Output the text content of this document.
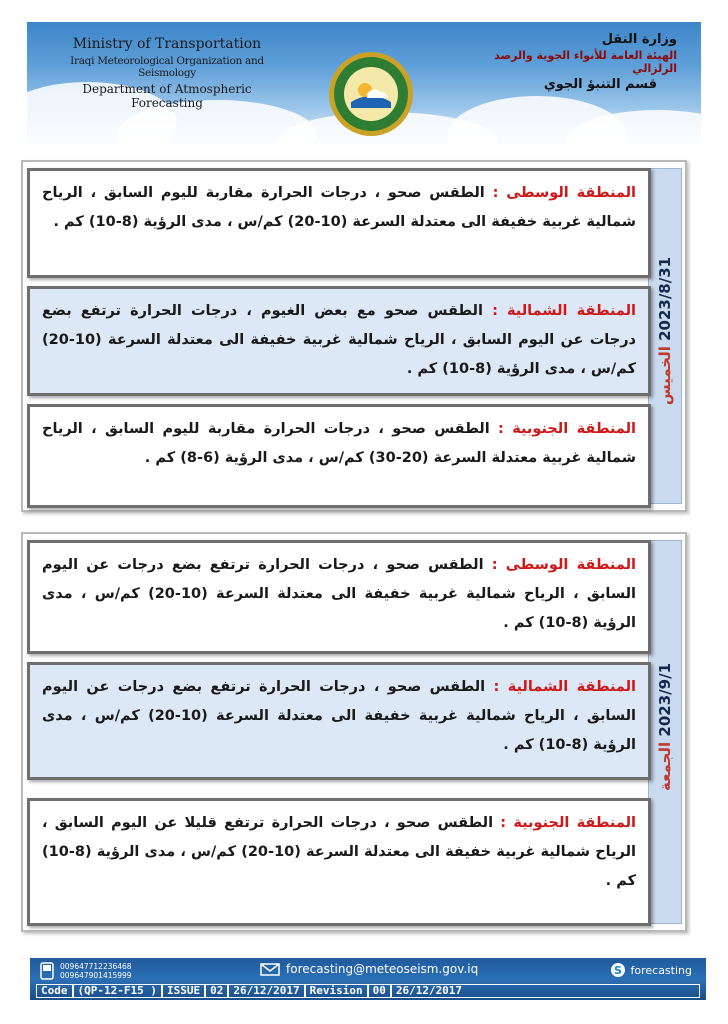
Ministry of Transportation
Iraqi Meteorological Organization and Seismology
Department of Atmospheric Forecasting
وزارة النقل
الهيئة العامة للأنواء الجوية والرصد الزلزالي
قسم التنبؤ الجوي
2023/8/31 الخميس
المنطقة الوسطى : الطقس صحو ، درجات الحرارة مقاربة لليوم السابق ، الرياح شمالية غربية خفيفة الى معتدلة السرعة (10-20) كم/س ، مدى الرؤية (8-10) كم .
المنطقة الشمالية : الطقس صحو مع بعض الغيوم ، درجات الحرارة ترتفع بضع درجات عن اليوم السابق ، الرياح شمالية غربية خفيفة الى معتدلة السرعة (10-20) كم/س ، مدى الرؤية (8-10) كم .
المنطقة الجنوبية : الطقس صحو ، درجات الحرارة مقاربة لليوم السابق ، الرياح شمالية غربية معتدلة السرعة (20-30) كم/س ، مدى الرؤية (6-8) كم .
2023/9/1 الجمعة
المنطقة الوسطى : الطقس صحو ، درجات الحرارة ترتفع بضع درجات عن اليوم السابق ، الرياح شمالية غربية خفيفة الى معتدلة السرعة (10-20) كم/س ، مدى الرؤية (8-10) كم .
المنطقة الشمالية : الطقس صحو ، درجات الحرارة ترتفع بضع درجات عن اليوم السابق ، الرياح شمالية غربية خفيفة الى معتدلة السرعة (10-20) كم/س ، مدى الرؤية (8-10) كم .
المنطقة الجنوبية : الطقس صحو ، درجات الحرارة ترتفع قليلا عن اليوم السابق ، الرياح شمالية غربية خفيفة الى معتدلة السرعة (10-20) كم/س ، مدى الرؤية (8-10) كم .
009647712236468
009647901415999	forecasting@meteoseism.gov.iq	S forecasting
Code (QP-12-F15 ) ISSUE 02 26/12/2017 Revision 00 26/12/2017
